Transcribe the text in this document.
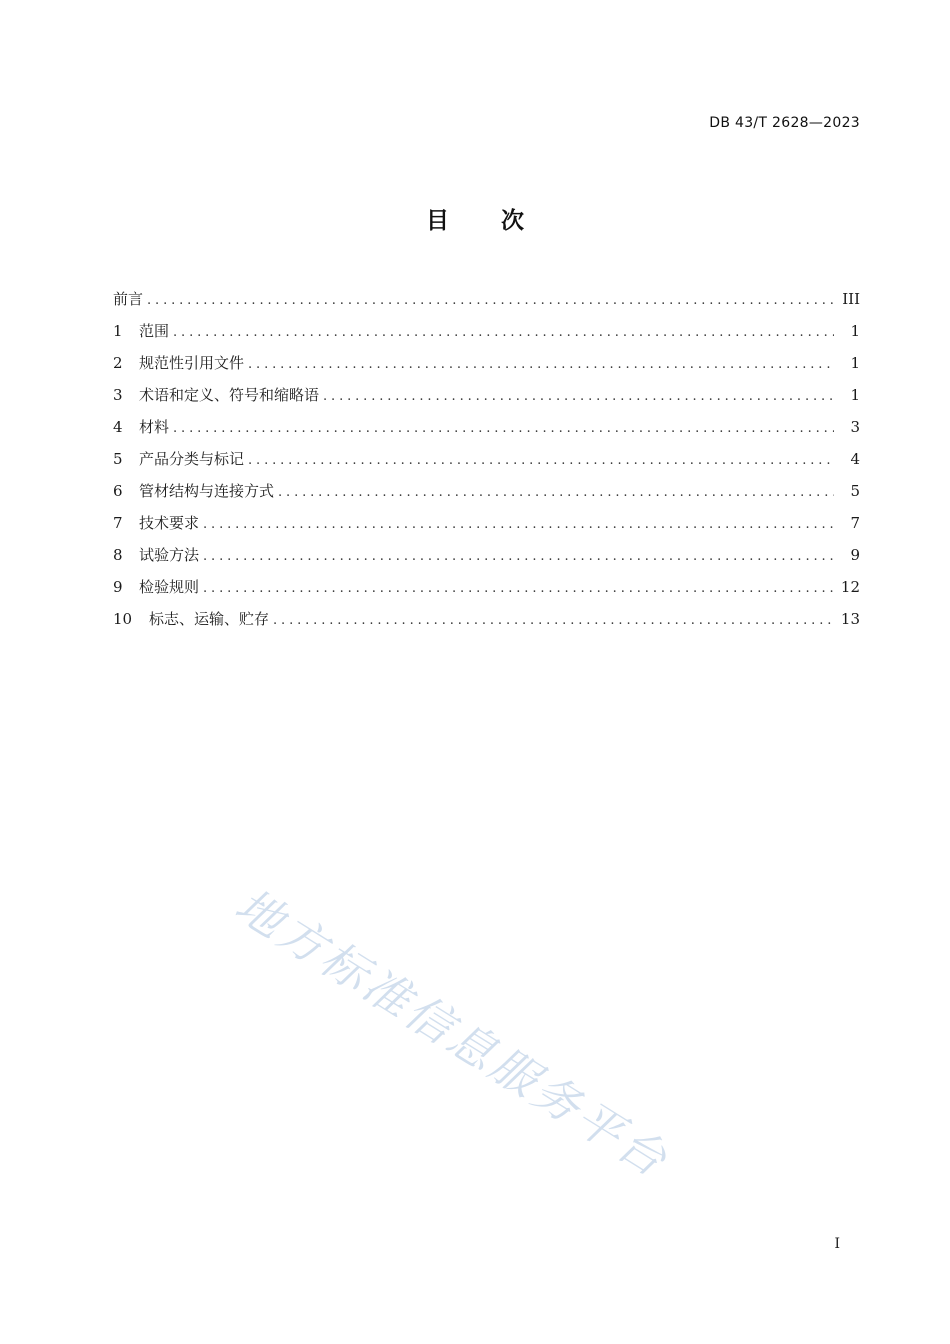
DB 43/T 2628—2023
目 次
前言 .....	III
1	范围 .....	1
2	规范性引用文件 .....	1
3	术语和定义、符号和缩略语 .....	1
4	材料 .....	3
5	产品分类与标记 .....	4
6	管材结构与连接方式 .....	5
7	技术要求 .....	7
8	试验方法 .....	9
9	检验规则 .....	12
10	标志、运输、贮存 .....	13
地方标准信息服务平台
I
